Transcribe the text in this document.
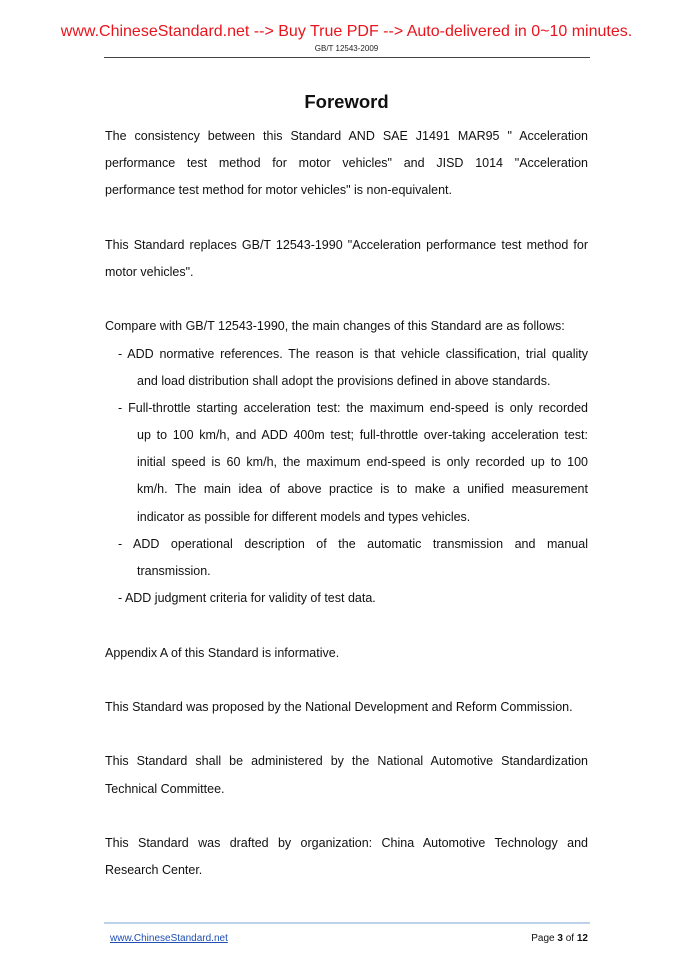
www.ChineseStandard.net --> Buy True PDF --> Auto-delivered in 0~10 minutes.
GB/T 12543-2009
Foreword
The consistency between this Standard AND SAE J1491 MAR95 " Acceleration
performance test method for motor vehicles" and JISD 1014 "Acceleration
performance test method for motor vehicles" is non-equivalent.
This Standard replaces GB/T 12543-1990 "Acceleration performance test method for
motor vehicles".
Compare with GB/T 12543-1990, the main changes of this Standard are as follows:
- ADD normative references. The reason is that vehicle classification, trial quality
and load distribution shall adopt the provisions defined in above standards.
- Full-throttle starting acceleration test: the maximum end-speed is only recorded
up to 100 km/h, and ADD 400m test; full-throttle over-taking acceleration test:
initial speed is 60 km/h, the maximum end-speed is only recorded up to 100
km/h. The main idea of above practice is to make a unified measurement
indicator as possible for different models and types vehicles.
- ADD operational description of the automatic transmission and manual
transmission.
- ADD judgment criteria for validity of test data.
Appendix A of this Standard is informative.
This Standard was proposed by the National Development and Reform Commission.
This Standard shall be administered by the National Automotive Standardization
Technical Committee.
This Standard was drafted by organization: China Automotive Technology and
Research Center.
www.ChineseStandard.net	Page 3 of 12
